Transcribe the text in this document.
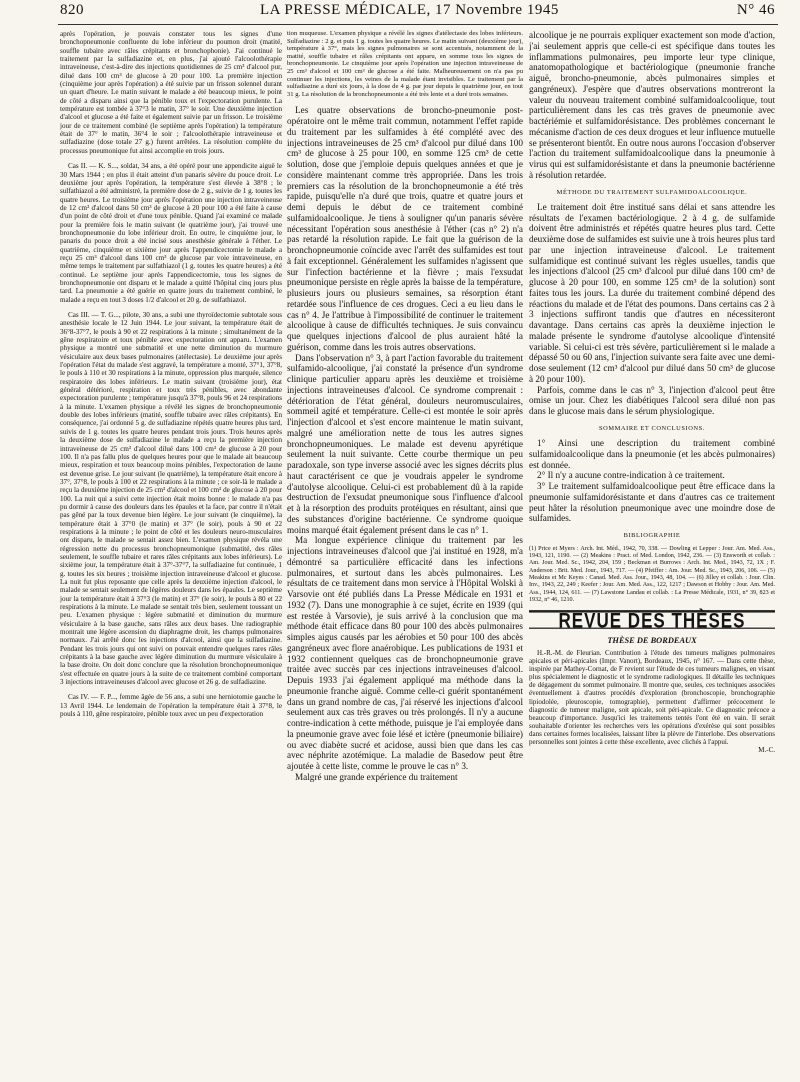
820	LA PRESSE MÉDICALE, 17 Novembre 1945	N° 46

après l'opération, je pouvais constater tous les signes d'une bronchopneumonie confluente du lobe inférieur du poumon droit (matité, souffle tubaire avec râles crépitants et bronchophonie). J'ai continué le traitement par la sulfadiazine et, en plus, j'ai ajouté l'alcoolothérapie intraveineuse, c'est-à-dire des injections quotidiennes de 25 cm³ d'alcool pur, dilué dans 100 cm³ de glucose à 20 pour 100. La première injection (cinquième jour après l'opération) a été suivie par un frisson solennel durant un quart d'heure. Le matin suivant le malade a été beaucoup mieux, le point de côté a disparu ainsi que la pénible toux et l'expectoration purulente. La température est tombée à 37°3 le matin, 37° le soir. Une deuxième injection d'alcool et glucose a été faite et également suivie par un frisson. Le troisième jour de ce traitement combiné (le septième après l'opération) la température était de 37° le matin, 36°4 le soir ; l'alcoolothérapie intraveineuse et sulfadiazine (dose totale 27 g.) furent arrêtées. La résolution complète du processus pneumonique fut ainsi accomplie en trois jours.

Cas II. — K. S..., soldat, 34 ans, a été opéré pour une appendicite aiguë le 30 Mars 1944 ; en plus il était atteint d'un panaris sévère du pouce droit. Le deuxième jour après l'opération, la température s'est élevée à 38°8 ; le sulfathiazol a été administré, la première dose de 2 g., suivie de 1 g. toutes les quatre heures. Le troisième jour après l'opération une injection intraveineuse de 12 cm³ d'alcool dans 50 cm³ de glucose à 20 pour 100 a été faite à cause d'un point de côté droit et d'une toux pénible. Quand j'ai examiné ce malade pour la première fois le matin suivant (le quatrième jour), j'ai trouvé une bronchopneumonie du lobe inférieur droit. En outre, le cinquième jour, le panaris du pouce droit a été incisé sous anesthésie générale à l'éther. Le quatrième, cinquième et sixième jour après l'appendicectomie le malade a reçu 25 cm³ d'alcool dans 100 cm³ de glucose par voie intraveineuse, en même temps le traitement par sulfathiazol (1 g. toutes les quatre heures) a été continué. Le septième jour après l'appendicectomie, tous les signes de bronchopneumonie ont disparu et le malade a quitté l'hôpital cinq jours plus tard. La pneumonie a été guérie en quatre jours du traitement combiné, le malade a reçu en tout 3 doses 1/2 d'alcool et 20 g. de sulfathiazol.

Cas III. — T. G..., pilote, 30 ans, a subi une thyroïdectomie subtotale sous anesthésie locale le 12 Juin 1944. Le jour suivant, la température était de 36°8-37°7, le pouls à 90 et 22 respirations à la minute ; simultanément de la gêne respiratoire et toux pénible avec expectoration ont apparu. L'examen physique a montré une submatité et une nette diminution du murmure vésiculaire aux deux bases pulmonaires (atélectasie). Le deuxième jour après l'opération l'état du malade s'est aggravé, la température a monté, 37°1, 37°8, le pouls à 110 et 30 respirations à la minute, oppression plus marquée, silence respiratoire des lobes inférieurs. Le matin suivant (troisième jour), état général détérioré, respiration et toux très pénibles, avec abondante expectoration purulente ; température jusqu'à 37°8, pouls 96 et 24 respirations à la minute. L'examen physique a révélé les signes de bronchopneumonie double des lobes inférieurs (matité, souffle tubaire avec râles crépitants). En conséquence, j'ai ordonné 5 g. de sulfadiazine répétés quatre heures plus tard, suivis de 1 g. toutes les quatre heures pendant trois jours. Trois heures après la deuxième dose de sulfadiazine le malade a reçu la première injection intraveineuse de 25 cm³ d'alcool dilué dans 100 cm³ de glucose à 20 pour 100. Il n'a pas fallu plus de quelques heures pour que le malade ait beaucoup mieux, respiration et toux beaucoup moins pénibles, l'expectoration de laune est devenue grise. Le jour suivant (le quatrième), la température était encore à 37°, 37°8, le pouls à 100 et 22 respirations à la minute ; ce soir-là le malade a reçu la deuxième injection de 25 cm³ d'alcool et 100 cm³ de glucose à 20 pour 100. La nuit qui a suivi cette injection était moins bonne : le malade n'a pas pu dormir à cause des douleurs dans les épaules et la face, par contre il n'était pas gêné par la toux devenue bien légère. Le jour suivant (le cinquième), la température était à 37°0 (le matin) et 37° (le soir), pouls à 90 et 22 respirations à la minute ; le point de côté et les douleurs neuro-musculaires ont disparu, le malade se sentait assez bien. L'examen physique révéla une régression nette du processus bronchopneumonique (submatité, des râles seulement, le souffle tubaire et rares râles crépitants aux lobes inférieurs). Le sixième jour, la température était à 37°-37°7, la sulfadiazine fut continuée, 1 g. toutes les six heures ; troisième injection intraveineuse d'alcool et glucose. La nuit fut plus reposante que celle après la deuxième injection d'alcool, le malade se sentait seulement de légères douleurs dans les épaules. Le septième jour la température était à 37°3 (le matin) et 37° (le soir), le pouls à 80 et 22 respirations à la minute. Le malade se sentait très bien, seulement toussant un peu. L'examen physique : légère submatité et diminution du murmure vésiculaire à la base gauche, sans râles aux deux bases. Une radiographie montrait une légère ascension du diaphragme droit, les champs pulmonaires normaux. J'ai arrêté donc les injections d'alcool, ainsi que la sulfadiazine. Pendant les trois jours qui ont suivi on pouvait entendre quelques rares râles crépitants à la base gauche avec légère diminution du murmure vésiculaire à la base droite. On doit donc conclure que la résolution bronchopneumonique s'est effectuée en quatre jours à la suite de ce traitement combiné comportant 3 injections intraveineuses d'alcool avec glucose et 26 g. de sulfadiazine.

Cas IV. — F. P..., femme âgée de 56 ans, a subi une herniotomie gauche le 13 Avril 1944. Le lendemain de l'opération la température était à 37°8, le pouls à 110, gêne respiratoire, pénible toux avec un peu d'expectoration

tion muqueuse. L'examen physique a révélé les signes d'atélectasie des lobes inférieurs. Sulfadiazine : 2 g. et puis 1 g. toutes les quatre heures. Le matin suivant (deuxième jour), température à 37°, mais les signes pulmonaires se sont accentués, notamment de la matité, souffle tubaire et râles crépitants ont apparu, en somme tous les signes de bronchopneumonie. Le cinquième jour après l'opération une injection intraveineuse de 25 cm³ d'alcool et 100 cm³ de glucose a été faite. Malheureusement on n'a pas pu continuer les injections, les veines de la malade étant invisibles. Le traitement par la sulfadiazine a duré six jours, à la dose de 4 g. par jour depuis le quatrième jour, en tout 31 g. La résolution de la bronchopneumonie a été très lente et a duré trois semaines.

Les quatre observations de broncho-pneumonie post-opératoire ont le même trait commun, notamment l'effet rapide du traitement par les sulfamides à été complété avec des injections intraveineuses de 25 cm³ d'alcool pur dilué dans 100 cm³ de glucose à 25 pour 100, en somme 125 cm³ de cette solution, dose que j'emploie depuis quelques années et que je considère maintenant comme très appropriée. Dans les trois premiers cas la résolution de la bronchopneumonie a été très rapide, puisqu'elle n'a duré que trois, quatre et quatre jours et demi depuis le début de ce traitement combiné sulfamidoalcoolique. Je tiens à souligner qu'un panaris sévère nécessitant l'opération sous anesthésie à l'éther (cas n° 2) n'a pas retardé la résolution rapide. Le fait que la guérison de la bronchopneumonie coïncide avec l'arrêt des sulfamides est tout à fait exceptionnel. Généralement les sulfamides n'agissent que sur l'infection bactérienne et la fièvre ; mais l'exsudat pneumonique persiste en règle après la baisse de la température, plusieurs jours ou plusieurs semaines, sa résorption étant retardée sous l'influence de ces drogues. Ceci a eu lieu dans le cas n° 4. Je l'attribue à l'impossibilité de continuer le traitement alcoolique à cause de difficultés techniques. Je suis convaincu que quelques injections d'alcool de plus auraient hâté la guérison, comme dans les trois autres observations.

Dans l'observation n° 3, à part l'action favorable du traitement sulfamido-alcoolique, j'ai constaté la présence d'un syndrome clinique particulier apparu après les deuxième et troisième injections intraveineuses d'alcool. Ce syndrome comprenait : détérioration de l'état général, douleurs neuromusculaires, sommeil agité et température. Celle-ci est montée le soir après l'injection d'alcool et s'est encore maintenue le matin suivant, malgré une amélioration nette de tous les autres signes bronchopneumoniques. Le malade est devenu apyrétique seulement la nuit suivante. Cette courbe thermique un peu paradoxale, son type inverse associé avec les signes décrits plus haut caractérisent ce que je voudrais appeler le syndrome d'autolyse alcoolique. Celui-ci est probablement dû à la rapide destruction de l'exsudat pneumonique sous l'influence d'alcool et à la résorption des produits protéiques en résultant, ainsi que des substances d'origine bactérienne. Ce syndrome quoique moins marqué était également présent dans le cas n° 1.

Ma longue expérience clinique du traitement par les injections intraveineuses d'alcool que j'ai institué en 1928, m'a démontré sa particulière efficacité dans les infections pulmonaires, et surtout dans les abcès pulmonaires. Les résultats de ce traitement dans mon service à l'Hôpital Wolski à Varsovie ont été publiés dans La Presse Médicale en 1931 et 1932 (7). Dans une monographie à ce sujet, écrite en 1939 (qui est restée à Varsovie), je suis arrivé à la conclusion que ma méthode était efficace dans 80 pour 100 des abcès pulmonaires simples aigus causés par les aérobies et 50 pour 100 des abcès gangréneux avec flore anaérobique. Les publications de 1931 et 1932 contiennent quelques cas de bronchopneumonie grave traitée avec succès par ces injections intraveineuses d'alcool. Depuis 1933 j'ai également appliqué ma méthode dans la pneumonie franche aiguë. Comme celle-ci guérit spontanément dans un grand nombre de cas, j'ai réservé les injections d'alcool seulement aux cas très graves ou très prolongés. Il n'y a aucune contre-indication à cette méthode, puisque je l'ai employée dans la pneumonie grave avec foie lésé et ictère (pneumonie biliaire) ou avec diabète sucré et acidose, aussi bien que dans les cas avec néphrite azotémique. La maladie de Basedow peut être ajoutée à cette liste, comme le prouve le cas n° 3.

Malgré une grande expérience du traitement

alcoolique je ne pourrais expliquer exactement son mode d'action, j'ai seulement appris que celle-ci est spécifique dans toutes les inflammations pulmonaires, peu importe leur type clinique, anatomopathologique et bactériologique (pneumonie franche aiguë, broncho-pneumonie, abcès pulmonaires simples et gangréneux). J'espère que d'autres observations montreront la valeur du nouveau traitement combiné sulfamidoalcoolique, tout particulièrement dans les cas très graves de pneumonie avec bactériémie et sulfamidorésistance. Des problèmes concernant le mécanisme d'action de ces deux drogues et leur influence mutuelle se présenteront bientôt. En outre nous aurons l'occasion d'observer l'action du traitement sulfamidoalcoolique dans la pneumonie à virus qui est sulfamidorésistante et dans la pneumonie bactérienne à résolution retardée.

MÉTHODE DU TRAITEMENT SULFAMIDOALCOOLIQUE.

Le traitement doit être institué sans délai et sans attendre les résultats de l'examen bactériologique. 2 à 4 g. de sulfamide doivent être administrés et répétés quatre heures plus tard. Cette deuxième dose de sulfamides est suivie une à trois heures plus tard par une injection intraveineuse d'alcool. Le traitement sulfamidique est continué suivant les règles usuelles, tandis que les injections d'alcool (25 cm³ d'alcool pur dilué dans 100 cm³ de glucose à 20 pour 100, en somme 125 cm³ de la solution) sont faites tous les jours. La durée du traitement combiné dépend des réactions du malade et de l'état des poumons. Dans certains cas 2 à 3 injections suffiront tandis que d'autres en nécessiteront davantage. Dans certains cas après la deuxième injection le malade présente le syndrome d'autolyse alcoolique d'intensité variable. Si celui-ci est très sévère, particulièrement si le malade a dépassé 50 ou 60 ans, l'injection suivante sera faite avec une demi-dose seulement (12 cm³ d'alcool pur dilué dans 50 cm³ de glucose à 20 pour 100).

Parfois, comme dans le cas n° 3, l'injection d'alcool peut être omise un jour. Chez les diabétiques l'alcool sera dilué non pas dans le glucose mais dans le sérum physiologique.

SOMMAIRE ET CONCLUSIONS.

1° Ainsi une description du traitement combiné sulfamidoalcoolique dans la pneumonie (et les abcès pulmonaires) est donnée.

2° Il n'y a aucune contre-indication à ce traitement.

3° Le traitement sulfamidoalcoolique peut être efficace dans la pneumonie sulfamidorésistante et dans d'autres cas ce traitement peut hâter la résolution pneumonique avec une moindre dose de sulfamides.

BIBLIOGRAPHIE

(1) Price et Myers : Arch. Int. Méd., 1942, 70, 338. — Dowling et Lepper : Jour. Am. Med. Ass., 1943, 121, 1190. — (2) Meakins : Pract. of Med. London, 1942, 236. — (3) Ensworth et collab. : Am. Jour. Med. Sc., 1942, 204, 159 ; Beckman et Burrows : Arch. Int. Med., 1943, 72, 1X ; F. Anderson : Brit. Med. Jour., 1943, 717. — (4) Pfeiffer : Am. Jour. Med. Sc., 1943, 206, 106. — (5) Meakins et Mc Keyes : Canad. Med. Ass. Jour., 1943, 48, 104. — (6) Jilley et collab. : Jour. Clin. Inv., 1943, 22, 249 ; Keefer : Jour. Am. Med. Ass., 122, 1217 ; Dawson et Hobby : Jour. Am. Med. Ass., 1944, 124, 611. — (7) Lawstone Landau et collab. : La Presse Médicale, 1931, n° 39, 823 et 1932, n° 46, 1210.

REVUE DES THÈSES
THÈSE DE BORDEAUX

H.-R.-M. de Fleurian. Contribution à l'étude des tumeurs malignes pulmonaires apicales et péri-apicales (Impr. Vanort), Bordeaux, 1945, n° 167. — Dans cette thèse, inspirée par Mathey-Cornat, de F revient sur l'étude de ces tumeurs malignes, en visant plus spécialement le diagnostic et le syndrome radiologiques. Il détaille les techniques de dégagement du sommet pulmonaire. Il montre que, seules, ces techniques associées éventuellement à d'autres procédés d'exploration (bronchoscopie, bronchographie lipiodolée, pleuroscopie, tomographie), permettent d'affirmer précocement le diagnostic de tumeur maligne, soit apicale, soit péri-apicale. Ce diagnostic précoce a beaucoup d'importance. Jusqu'ici les traitements tentés l'ont été en vain. Il serait souhaitable d'orienter les recherches vers les opérations d'exérèse qui sont possibles dans certaines formes localisées, laissant libre la plèvre de l'interlobe. Des observations personnelles sont jointes à cette thèse excellente, avec clichés à l'appui.

M.-C.
